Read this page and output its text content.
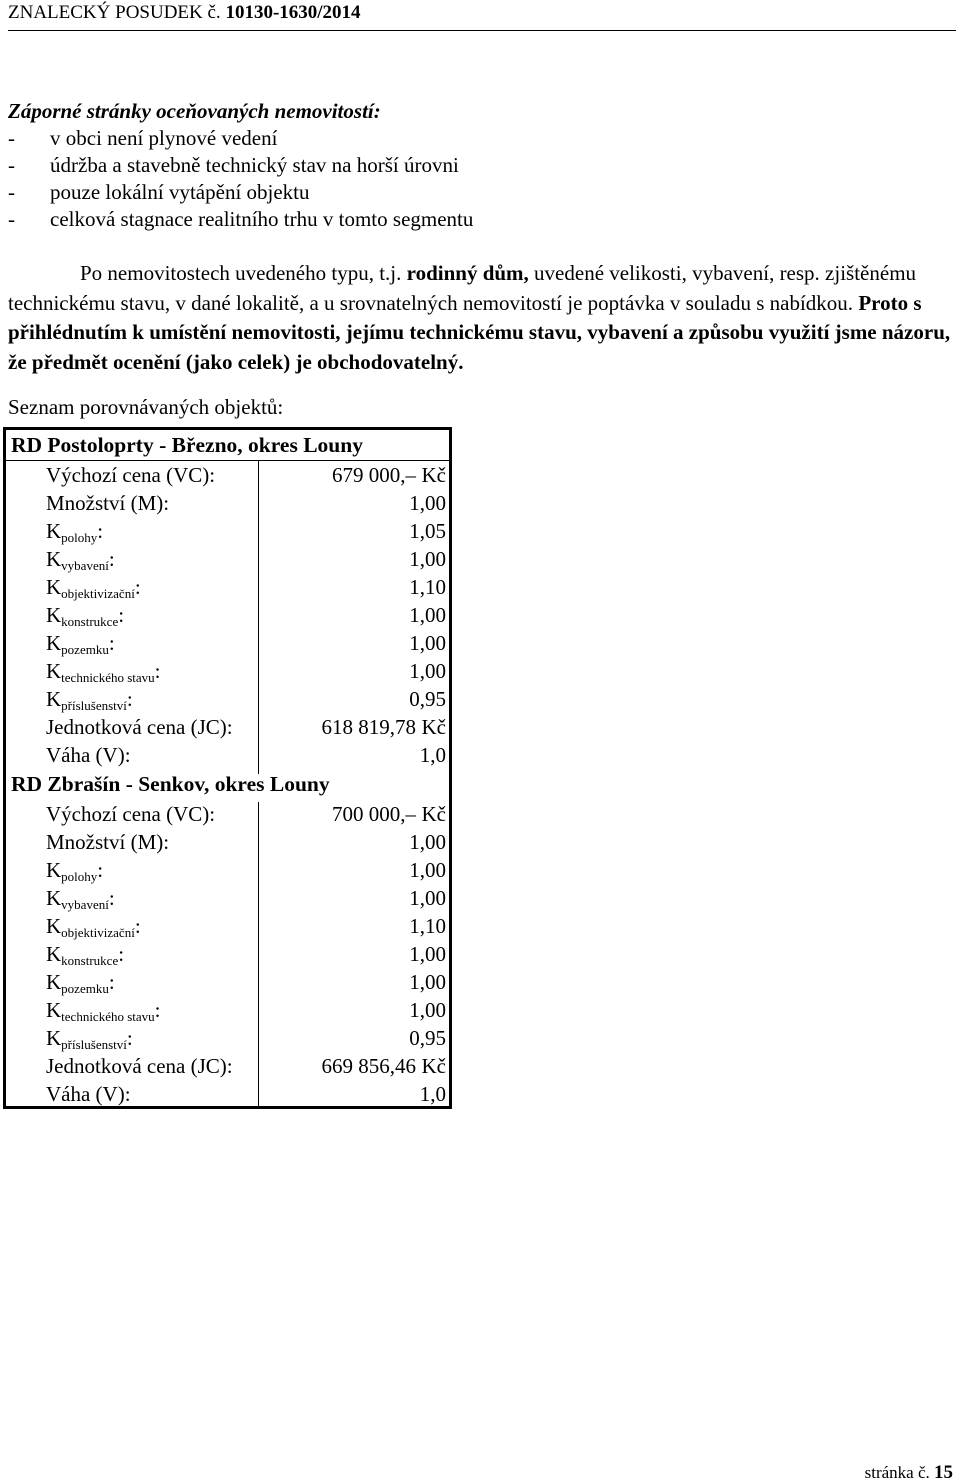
ZNALECKÝ POSUDEK č. 10130-1630/2014
Záporné stránky oceňovaných nemovitostí:
- v obci není plynové vedení
- údržba a stavebně technický stav na horší úrovni
- pouze lokální vytápění objektu
- celková stagnace realitního trhu v tomto segmentu
Po nemovitostech uvedeného typu, t.j. rodinný dům, uvedené velikosti, vybavení, resp. zjištěnému technickému stavu, v dané lokalitě, a u srovnatelných nemovitostí je poptávka v souladu s nabídkou. Proto s přihlédnutím k umístění nemovitosti, jejímu technickému stavu, vybavení a způsobu využití jsme názoru, že předmět ocenění (jako celek) je obchodovatelný.
Seznam porovnávaných objektů:
RD Postoloprty - Březno, okres Louny
Výchozí cena (VC):	679 000,– Kč
Množství (M):	1,00
$K_{polohy}$:	1,05
$K_{vybavení}$:	1,00
$K_{objektivizační}$:	1,10
$K_{konstrukce}$:	1,00
$K_{pozemku}$:	1,00
$K_{technického stavu}$:	1,00
$K_{příslušenství}$:	0,95
Jednotková cena (JC):	618 819,78 Kč
Váha (V):	1,0
RD Zbrašín - Senkov, okres Louny
Výchozí cena (VC):	700 000,– Kč
Množství (M):	1,00
$K_{polohy}$:	1,00
$K_{vybavení}$:	1,00
$K_{objektivizační}$:	1,10
$K_{konstrukce}$:	1,00
$K_{pozemku}$:	1,00
$K_{technického stavu}$:	1,00
$K_{příslušenství}$:	0,95
Jednotková cena (JC):	669 856,46 Kč
Váha (V):	1,0
stránka č. 15
